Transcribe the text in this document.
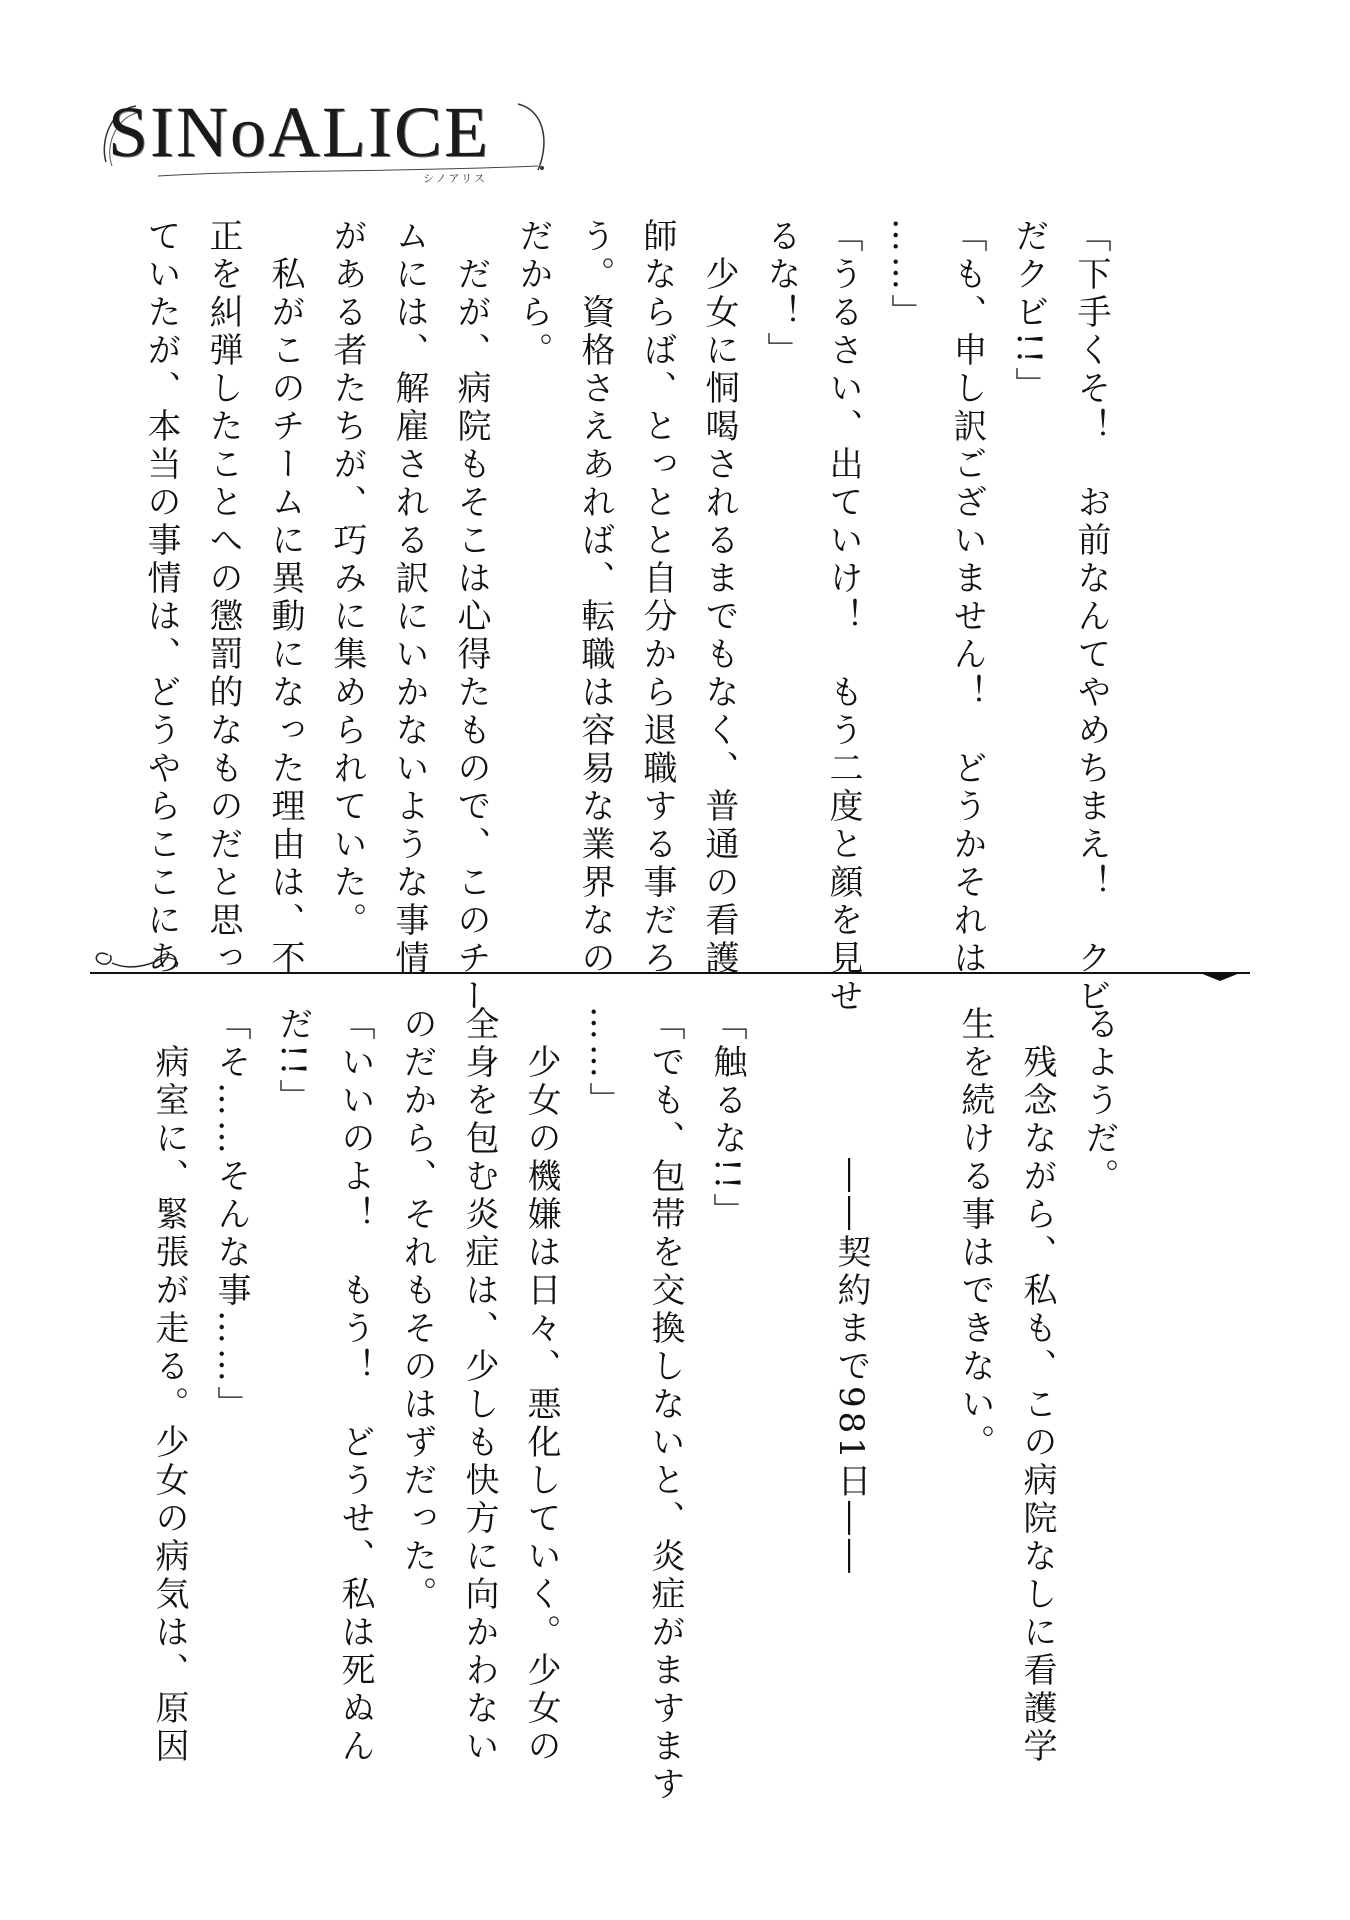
SINoALICE
シノアリス
「下手くそ！　お前なんてやめちまえ！　クビ
だクビ!!」
「も、申し訳ございません！　どうかそれは
……」
「うるさい、出ていけ！　もう二度と顔を見せ
るな！」
　少女に恫喝されるまでもなく、普通の看護
師ならば、とっとと自分から退職する事だろ
う。資格さえあれば、転職は容易な業界なの
だから。
　だが、病院もそこは心得たもので、このチー
ムには、解雇される訳にいかないような事情
がある者たちが、巧みに集められていた。
　私がこのチームに異動になった理由は、不
正を糾弾したことへの懲罰的なものだと思っ
ていたが、本当の事情は、どうやらここにあ
るようだ。
　残念ながら、私も、この病院なしに看護学
生を続ける事はできない。

　　　　――契約まで981日――

「触るな!!」
「でも、包帯を交換しないと、炎症がますます
……」
　少女の機嫌は日々、悪化していく。少女の
全身を包む炎症は、少しも快方に向かわない
のだから、それもそのはずだった。
「いいのよ！　もう！　どうせ、私は死ぬん
だ!!」
「そ……そんな事……」
　病室に、緊張が走る。少女の病気は、原因
